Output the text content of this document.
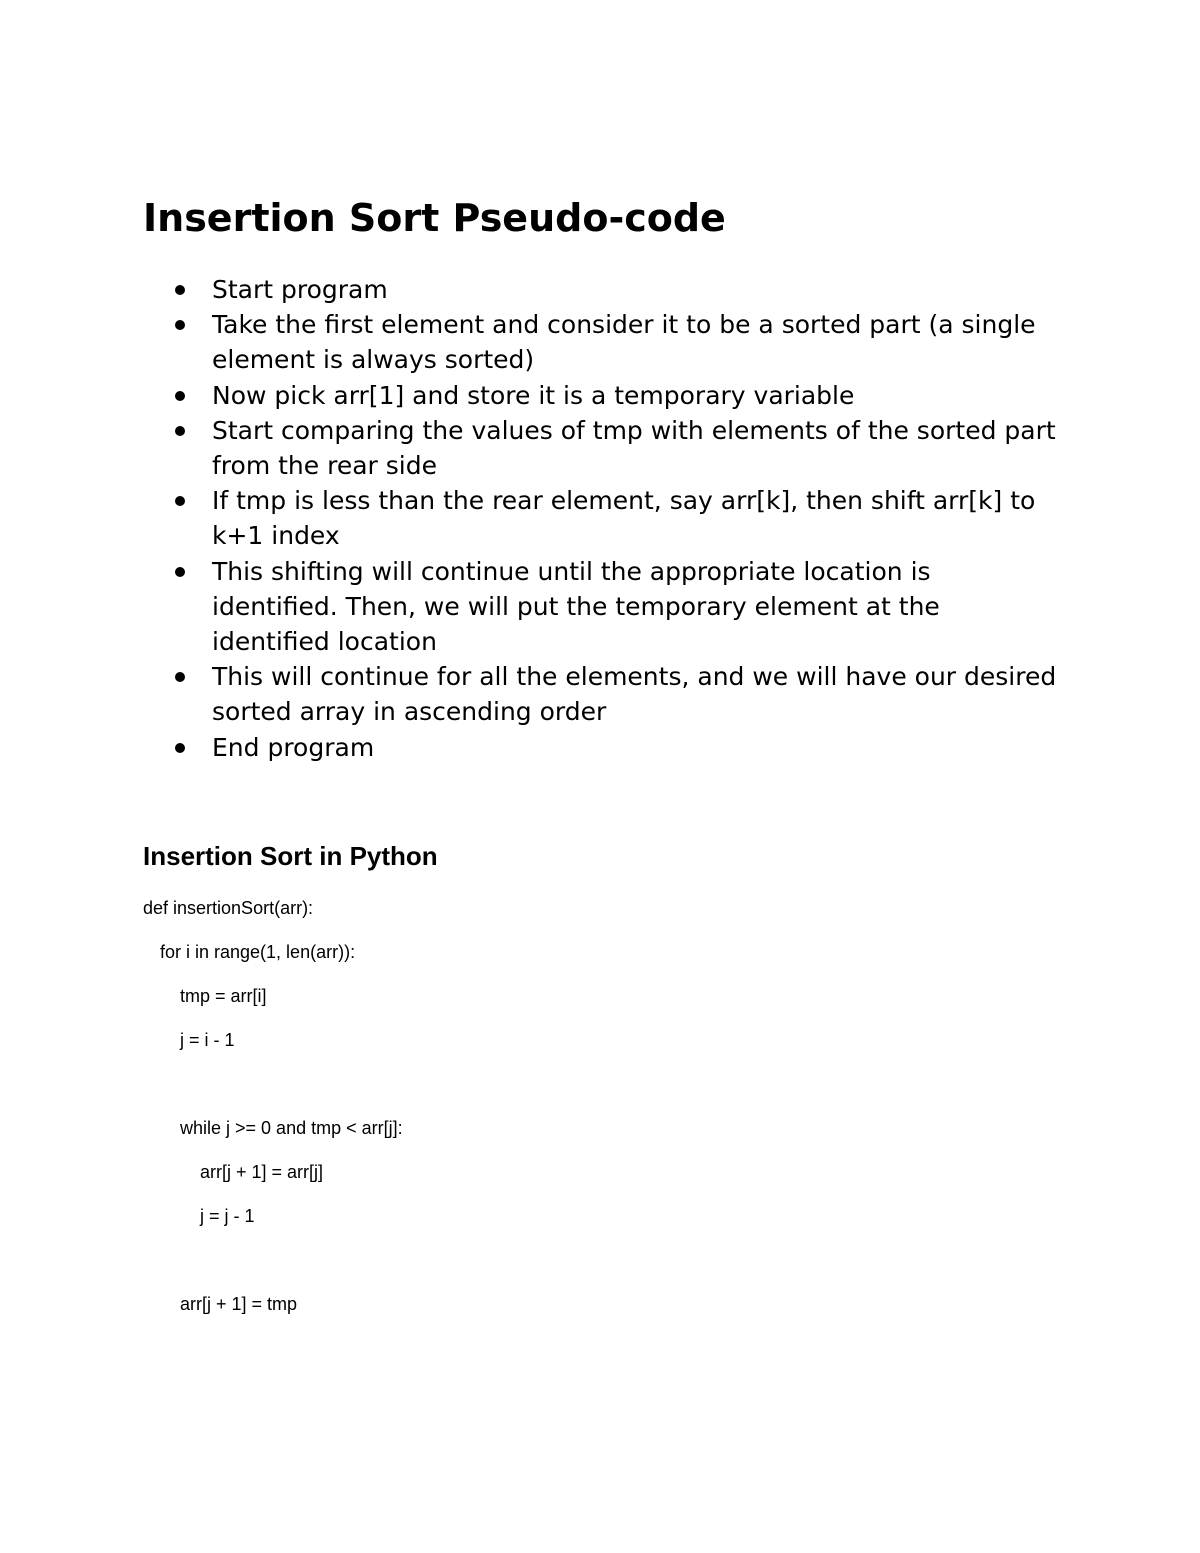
Insertion Sort Pseudo-code
Start program
Take the first element and consider it to be a sorted part (a single element is always sorted)
Now pick arr[1] and store it is a temporary variable
Start comparing the values of tmp with elements of the sorted part from the rear side
If tmp is less than the rear element, say arr[k], then shift arr[k] to k+1 index
This shifting will continue until the appropriate location is identified. Then, we will put the temporary element at the identified location
This will continue for all the elements, and we will have our desired sorted array in ascending order
End program
Insertion Sort in Python

def insertionSort(arr):

for i in range(1, len(arr)):

tmp = arr[i]

j = i - 1

while j >= 0 and tmp < arr[j]:

arr[j + 1] = arr[j]

j = j - 1

arr[j + 1] = tmp
